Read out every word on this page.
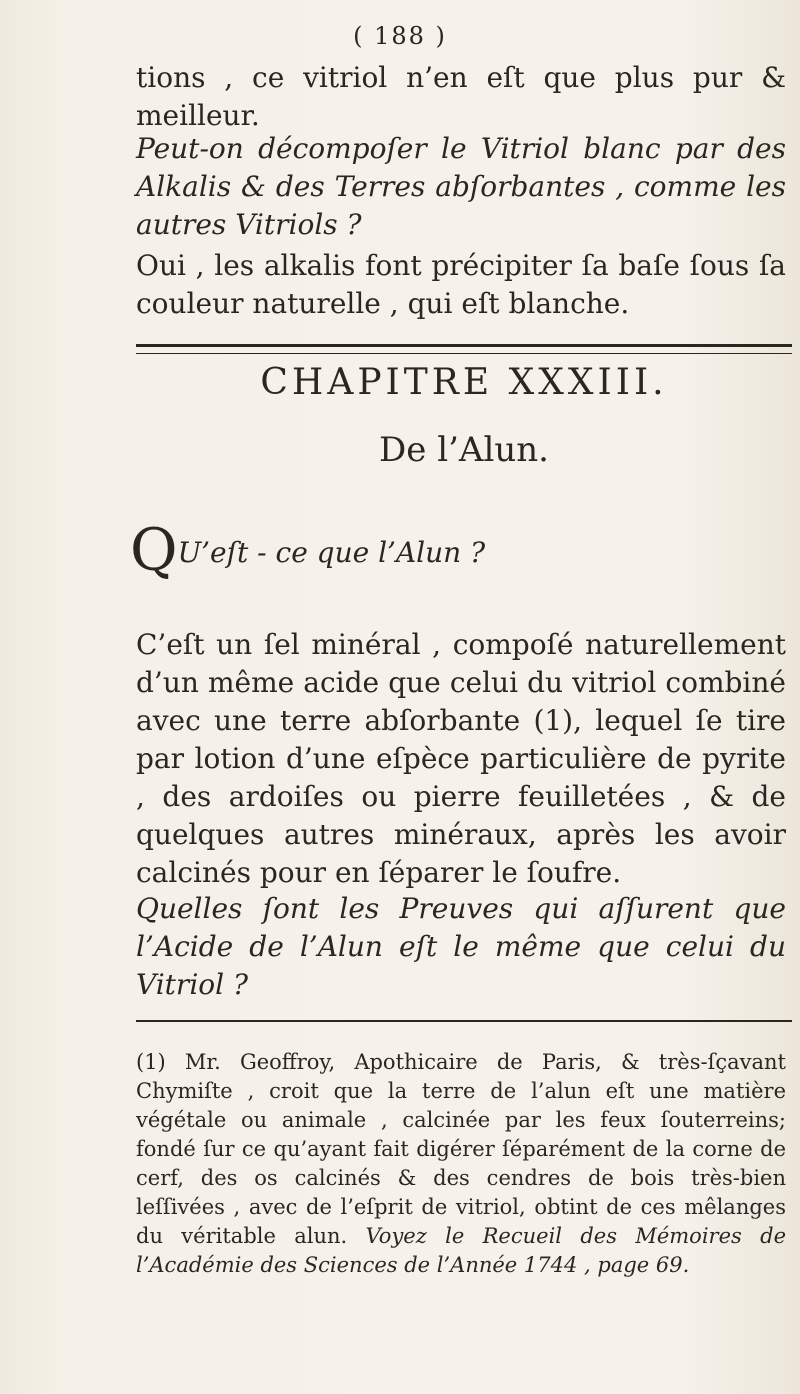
( 188 )

tions , ce vitriol n’en eſt que plus pur & meilleur.

Peut-on décompoſer le Vitriol blanc par des Alkalis & des Terres abſorbantes , comme les autres Vitriols ?

Oui , les alkalis font précipiter ſa baſe ſous ſa couleur naturelle , qui eſt blanche.

CHAPITRE XXXIII.
De l’Alun.
QU’eſt - ce que l’Alun ?

C’eſt un ſel minéral , compoſé naturellement d’un même acide que celui du vitriol combiné avec une terre abſorbante (1), lequel ſe tire par lotion d’une eſpèce particulière de pyrite , des ardoiſes ou pierre feuilletées , & de quelques autres minéraux, après les avoir calcinés pour en ſéparer le ſoufre.

Quelles ſont les Preuves qui aſſurent que l’Acide de l’Alun eſt le même que celui du Vitriol ?

(1) Mr. Geoffroy, Apothicaire de Paris, & très-ſçavant Chymiſte , croit que la terre de l’alun eſt une matière végétale ou animale , calcinée par les feux ſouterreins; fondé ſur ce qu’ayant fait digérer ſéparément de la corne de cerf, des os calcinés & des cendres de bois très-bien leſſivées , avec de l’eſprit de vitriol, obtint de ces mêlanges du véritable alun. Voyez le Recueil des Mémoires de l’Académie des Sciences de l’Année 1744 , page 69.
